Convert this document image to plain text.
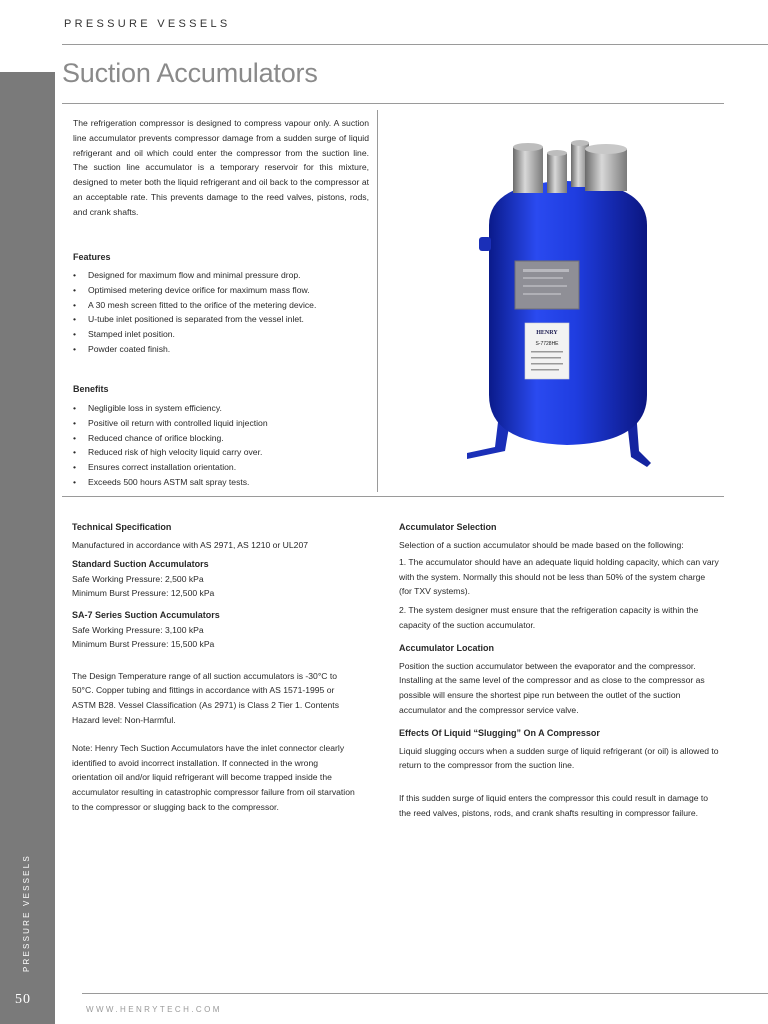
PRESSURE VESSELS
50
PRESSURE VESSELS
Suction Accumulators

The refrigeration compressor is designed to compress vapour only. A suction line accumulator prevents compressor damage from a sudden surge of liquid refrigerant and oil which could enter the compressor from the suction line. The suction line accumulator is a temporary reservoir for this mixture, designed to meter both the liquid refrigerant and oil back to the compressor at an acceptable rate. This prevents damage to the reed valves, pistons, rods, and crank shafts.

Features
• Designed for maximum flow and minimal pressure drop.
• Optimised metering device orifice for maximum mass flow.
• A 30 mesh screen fitted to the orifice of the metering device.
• U-tube inlet positioned is separated from the vessel inlet.
• Stamped inlet position.
• Powder coated finish.
Benefits
• Negligible loss in system efficiency.
• Positive oil return with controlled liquid injection
• Reduced chance of orifice blocking.
• Reduced risk of high velocity liquid carry over.
• Ensures correct installation orientation.
• Exceeds 500 hours ASTM salt spray tests.
HENRY
S-7728HE

Technical Specification

Manufactured in accordance with AS 2971, AS 1210 or UL207

Standard Suction Accumulators

Safe Working Pressure: 2,500 kPa

Minimum Burst Pressure: 12,500 kPa

SA-7 Series Suction Accumulators

Safe Working Pressure: 3,100 kPa

Minimum Burst Pressure: 15,500 kPa

The Design Temperature range of all suction accumulators is -30°C to 50°C. Copper tubing and fittings in accordance with AS 1571-1995 or ASTM B28. Vessel Classification (As 2971) is Class 2 Tier 1. Contents Hazard level: Non-Harmful.

Note: Henry Tech Suction Accumulators have the inlet connector clearly identified to avoid incorrect installation. If connected in the wrong orientation oil and/or liquid refrigerant will become trapped inside the accumulator resulting in catastrophic compressor failure from oil starvation to the compressor or slugging back to the compressor.

Accumulator Selection

Selection of a suction accumulator should be made based on the following:

1. The accumulator should have an adequate liquid holding capacity, which can vary with the system. Normally this should not be less than 50% of the system charge (for TXV systems).

2. The system designer must ensure that the refrigeration capacity is within the capacity of the suction accumulator.

Accumulator Location

Position the suction accumulator between the evaporator and the compressor. Installing at the same level of the compressor and as close to the compressor as possible will ensure the shortest pipe run between the outlet of the suction accumulator and the compressor service valve.

Effects Of Liquid “Slugging” On A Compressor

Liquid slugging occurs when a sudden surge of liquid refrigerant (or oil) is allowed to return to the compressor from the suction line.

If this sudden surge of liquid enters the compressor this could result in damage to the reed valves, pistons, rods, and crank shafts resulting in compressor failure.

WWW.HENRYTECH.COM
